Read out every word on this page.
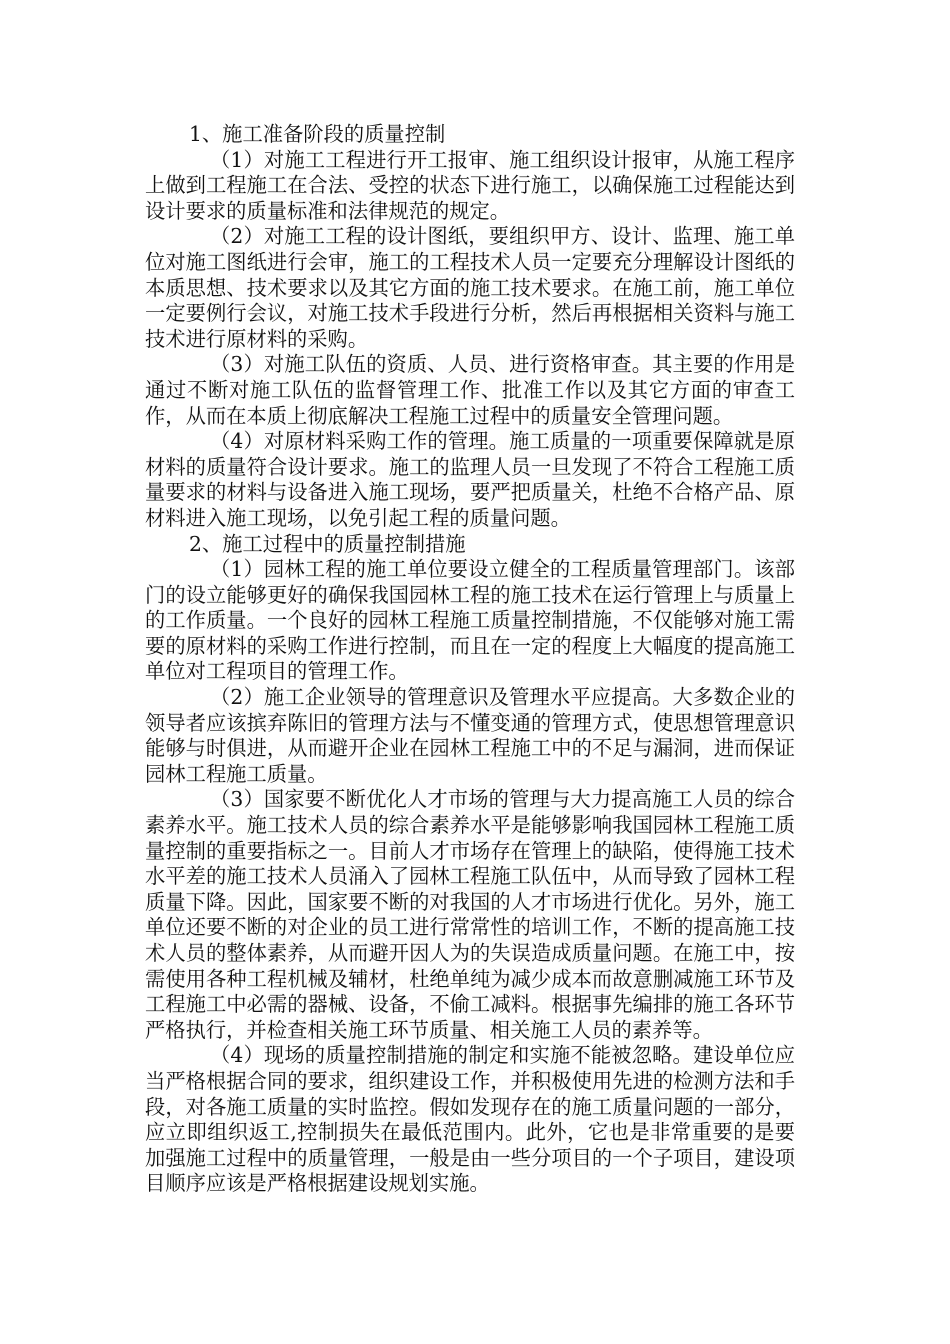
1、施工准备阶段的质量控制

（1）对施工工程进行开工报审、施工组织设计报审，从施工程序上做到工程施工在合法、受控的状态下进行施工，以确保施工过程能达到设计要求的质量标准和法律规范的规定。

（2）对施工工程的设计图纸，要组织甲方、设计、监理、施工单位对施工图纸进行会审，施工的工程技术人员一定要充分理解设计图纸的本质思想、技术要求以及其它方面的施工技术要求。在施工前，施工单位一定要例行会议，对施工技术手段进行分析，然后再根据相关资料与施工技术进行原材料的采购。

（3）对施工队伍的资质、人员、进行资格审查。其主要的作用是通过不断对施工队伍的监督管理工作、批准工作以及其它方面的审查工作，从而在本质上彻底解决工程施工过程中的质量安全管理问题。

（4）对原材料采购工作的管理。施工质量的一项重要保障就是原材料的质量符合设计要求。施工的监理人员一旦发现了不符合工程施工质量要求的材料与设备进入施工现场，要严把质量关，杜绝不合格产品、原材料进入施工现场，以免引起工程的质量问题。

2、施工过程中的质量控制措施

（1）园林工程的施工单位要设立健全的工程质量管理部门。该部门的设立能够更好的确保我国园林工程的施工技术在运行管理上与质量上的工作质量。一个良好的园林工程施工质量控制措施，不仅能够对施工需要的原材料的采购工作进行控制，而且在一定的程度上大幅度的提高施工单位对工程项目的管理工作。

（2）施工企业领导的管理意识及管理水平应提高。大多数企业的领导者应该摈弃陈旧的管理方法与不懂变通的管理方式，使思想管理意识能够与时俱进，从而避开企业在园林工程施工中的不足与漏洞，进而保证园林工程施工质量。

（3）国家要不断优化人才市场的管理与大力提高施工人员的综合素养水平。施工技术人员的综合素养水平是能够影响我国园林工程施工质量控制的重要指标之一。目前人才市场存在管理上的缺陷，使得施工技术水平差的施工技术人员涌入了园林工程施工队伍中，从而导致了园林工程质量下降。因此，国家要不断的对我国的人才市场进行优化。另外，施工单位还要不断的对企业的员工进行常常性的培训工作，不断的提高施工技术人员的整体素养，从而避开因人为的失误造成质量问题。在施工中，按需使用各种工程机械及辅材，杜绝单纯为减少成本而故意删减施工环节及工程施工中必需的器械、设备，不偷工减料。根据事先编排的施工各环节严格执行，并检查相关施工环节质量、相关施工人员的素养等。

（4）现场的质量控制措施的制定和实施不能被忽略。建设单位应当严格根据合同的要求，组织建设工作，并积极使用先进的检测方法和手段，对各施工质量的实时监控。假如发现存在的施工质量问题的一部分，应立即组织返工,控制损失在最低范围内。此外，它也是非常重要的是要加强施工过程中的质量管理，一般是由一些分项目的一个子项目，建设项目顺序应该是严格根据建设规划实施。
